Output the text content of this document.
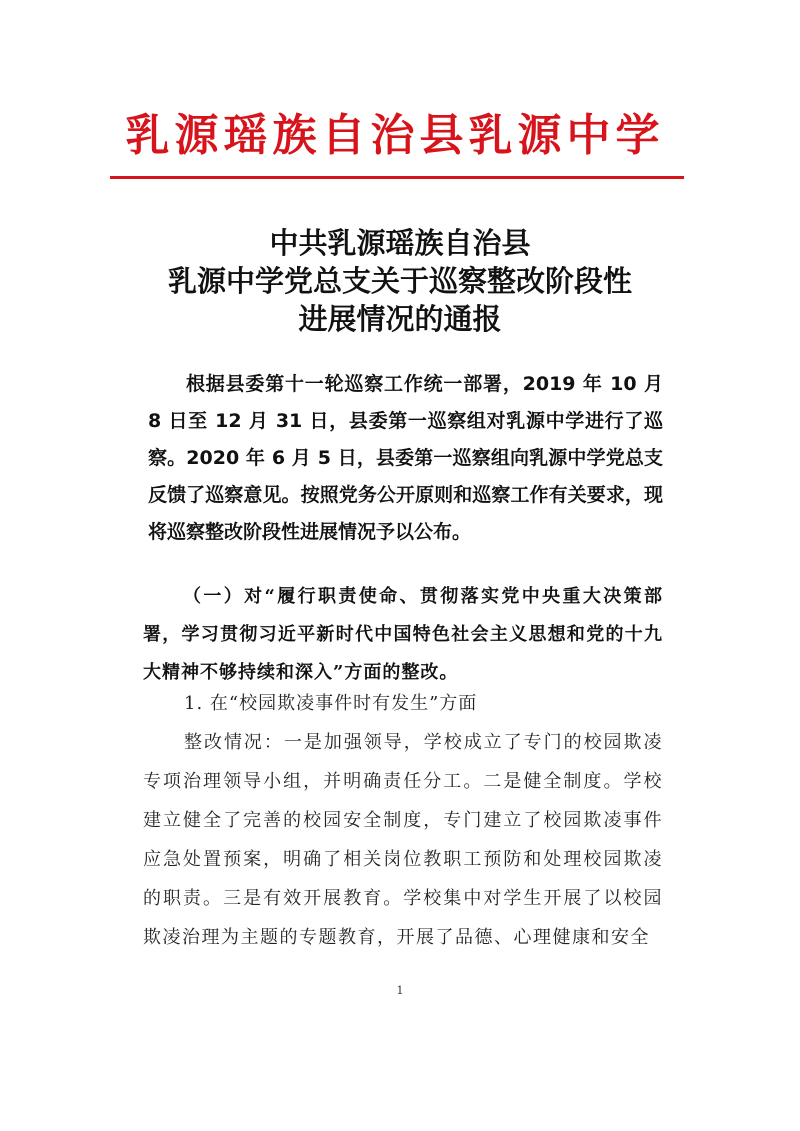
乳源瑶族自治县乳源中学
中共乳源瑶族自治县
乳源中学党总支关于巡察整改阶段性
进展情况的通报

根据县委第十一轮巡察工作统一部署，2019 年 10 月 8 日至 12 月 31 日，县委第一巡察组对乳源中学进行了巡察。2020 年 6 月 5 日，县委第一巡察组向乳源中学党总支反馈了巡察意见。按照党务公开原则和巡察工作有关要求，现将巡察整改阶段性进展情况予以公布。

（一）对“履行职责使命、贯彻落实党中央重大决策部署，学习贯彻习近平新时代中国特色社会主义思想和党的十九大精神不够持续和深入”方面的整改。

1. 在“校园欺凌事件时有发生”方面

整改情况：一是加强领导，学校成立了专门的校园欺凌专项治理领导小组，并明确责任分工。二是健全制度。学校建立健全了完善的校园安全制度，专门建立了校园欺凌事件应急处置预案，明确了相关岗位教职工预防和处理校园欺凌的职责。三是有效开展教育。学校集中对学生开展了以校园欺凌治理为主题的专题教育，开展了品德、心理健康和安全

1
